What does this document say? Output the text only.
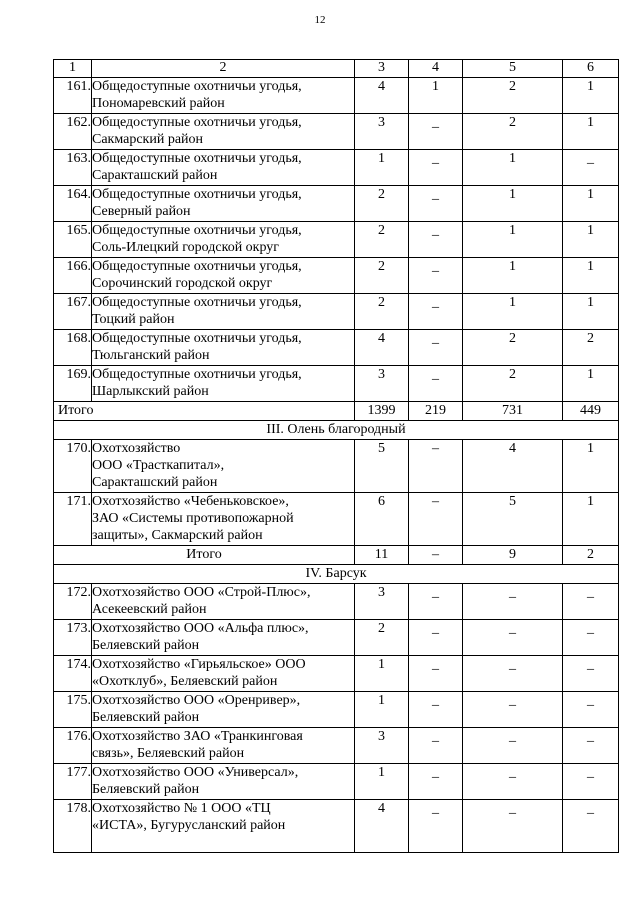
12
1	2	3	4	5	6
161.	Общедоступные охотничьи угодья,
Пономаревский район	4	1	2	1
162.	Общедоступные охотничьи угодья,
Сакмарский район	3	_	2	1
163.	Общедоступные охотничьи угодья,
Саракташский район	1	_	1	_
164.	Общедоступные охотничьи угодья,
Северный район	2	_	1	1
165.	Общедоступные охотничьи угодья,
Соль-Илецкий городской округ	2	_	1	1
166.	Общедоступные охотничьи угодья,
Сорочинский городской округ	2	_	1	1
167.	Общедоступные охотничьи угодья,
Тоцкий район	2	_	1	1
168.	Общедоступные охотничьи угодья,
Тюльганский район	4	_	2	2
169.	Общедоступные охотничьи угодья,
Шарлыкский район	3	_	2	1
Итого		1399	219	731	449
III. Олень благородный					
170.	Охотхозяйство
ООО «Трасткапитал»,
Саракташский район	5	–	4	1
171.	Охотхозяйство «Чебеньковское»,
ЗАО «Системы противопожарной
защиты», Сакмарский район	6	–	5	1
Итого		11	–	9	2
IV. Барсук					
172.	Охотхозяйство ООО «Строй-Плюс»,
Асекеевский район	3	_	_	_
173.	Охотхозяйство ООО «Альфа плюс»,
Беляевский район	2	_	_	_
174.	Охотхозяйство «Гирьяльское» ООО
«Охотклуб», Беляевский район	1	_	_	_
175.	Охотхозяйство ООО «Оренривер»,
Беляевский район	1	_	_	_
176.	Охотхозяйство ЗАО «Транкинговая
связь», Беляевский район	3	_	_	_
177.	Охотхозяйство ООО «Универсал»,
Беляевский район	1	_	_	_
178.	Охотхозяйство № 1 ООО «ТЦ
«ИСТА», Бугурусланский район	4	_	_	_
